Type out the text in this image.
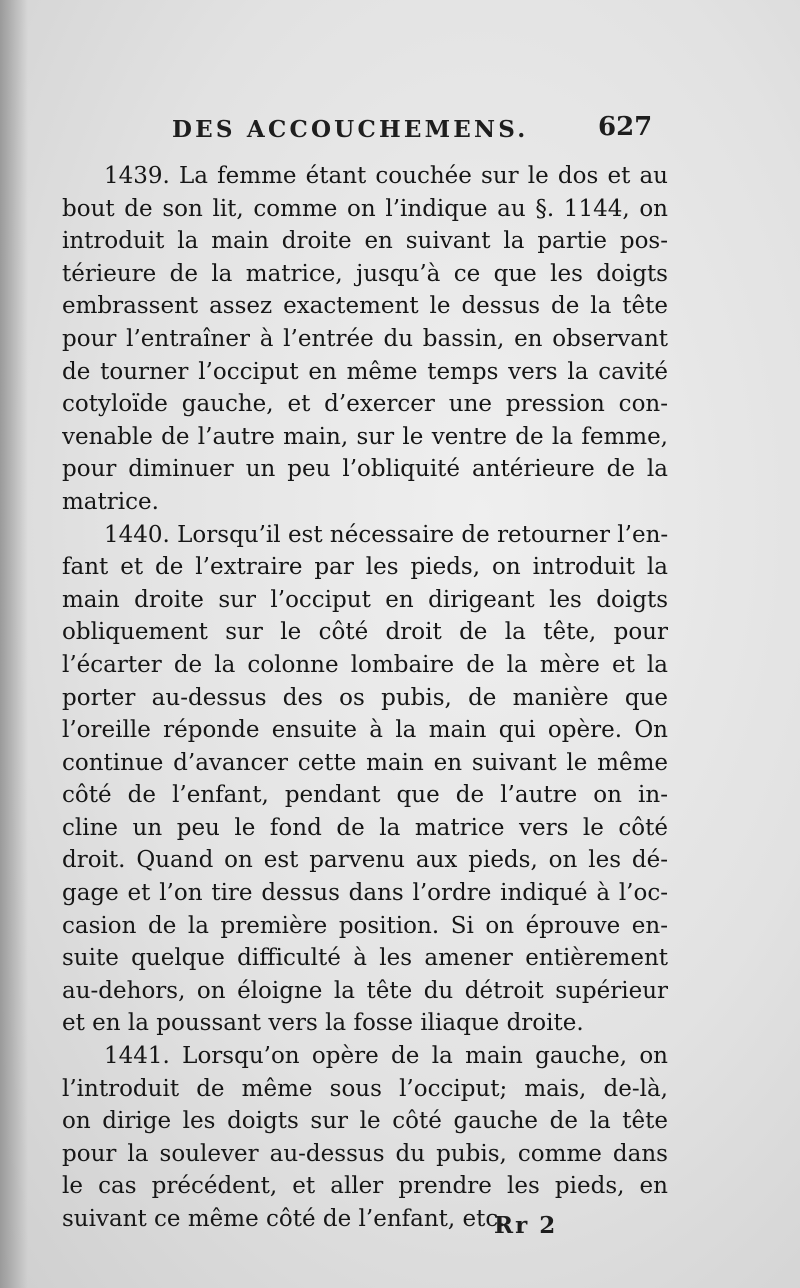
DES ACCOUCHEMENS.	627
1439. La femme étant couchée sur le dos et au
bout de son lit, comme on l’indique au §. 1144, on
introduit la main droite en suivant la partie pos-
térieure de la matrice, jusqu’à ce que les doigts
embrassent assez exactement le dessus de la tête
pour l’entraîner à l’entrée du bassin, en observant
de tourner l’occiput en même temps vers la cavité
cotyloïde gauche, et d’exercer une pression con-
venable de l’autre main, sur le ventre de la femme,
pour diminuer un peu l’obliquité antérieure de la
matrice.
1440. Lorsqu’il est nécessaire de retourner l’en-
fant et de l’extraire par les pieds, on introduit la
main droite sur l’occiput en dirigeant les doigts
obliquement sur le côté droit de la tête, pour
l’écarter de la colonne lombaire de la mère et la
porter au-dessus des os pubis, de manière que
l’oreille réponde ensuite à la main qui opère. On
continue d’avancer cette main en suivant le même
côté de l’enfant, pendant que de l’autre on in-
cline un peu le fond de la matrice vers le côté
droit. Quand on est parvenu aux pieds, on les dé-
gage et l’on tire dessus dans l’ordre indiqué à l’oc-
casion de la première position. Si on éprouve en-
suite quelque difficulté à les amener entièrement
au-dehors, on éloigne la tête du détroit supérieur
et en la poussant vers la fosse iliaque droite.
1441. Lorsqu’on opère de la main gauche, on
l’introduit de même sous l’occiput; mais, de-là,
on dirige les doigts sur le côté gauche de la tête
pour la soulever au-dessus du pubis, comme dans
le cas précédent, et aller prendre les pieds, en
suivant ce même côté de l’enfant, etc.
Rr 2
